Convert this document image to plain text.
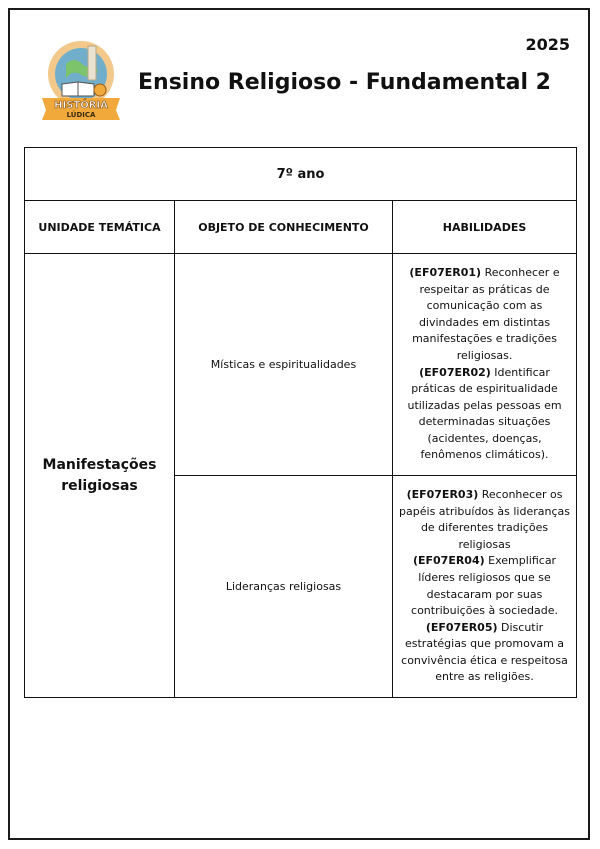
HISTÓRIA
LÚDICA
2025
Ensino Religioso - Fundamental 2
7º ano		
UNIDADE TEMÁTICA	OBJETO DE CONHECIMENTO	HABILIDADES
Manifestações religiosas	Místicas e espiritualidades	(EF07ER01) Reconhecer e respeitar as práticas de comunicação com as divindades em distintas manifestações e tradições religiosas.
(EF07ER02) Identificar práticas de espiritualidade utilizadas pelas pessoas em determinadas situações (acidentes, doenças, fenômenos climáticos).
	Lideranças religiosas	(EF07ER03) Reconhecer os papéis atribuídos às lideranças de diferentes tradições religiosas
(EF07ER04) Exemplificar líderes religiosos que se destacaram por suas contribuições à sociedade.
(EF07ER05) Discutir estratégias que promovam a convivência ética e respeitosa entre as religiões.
